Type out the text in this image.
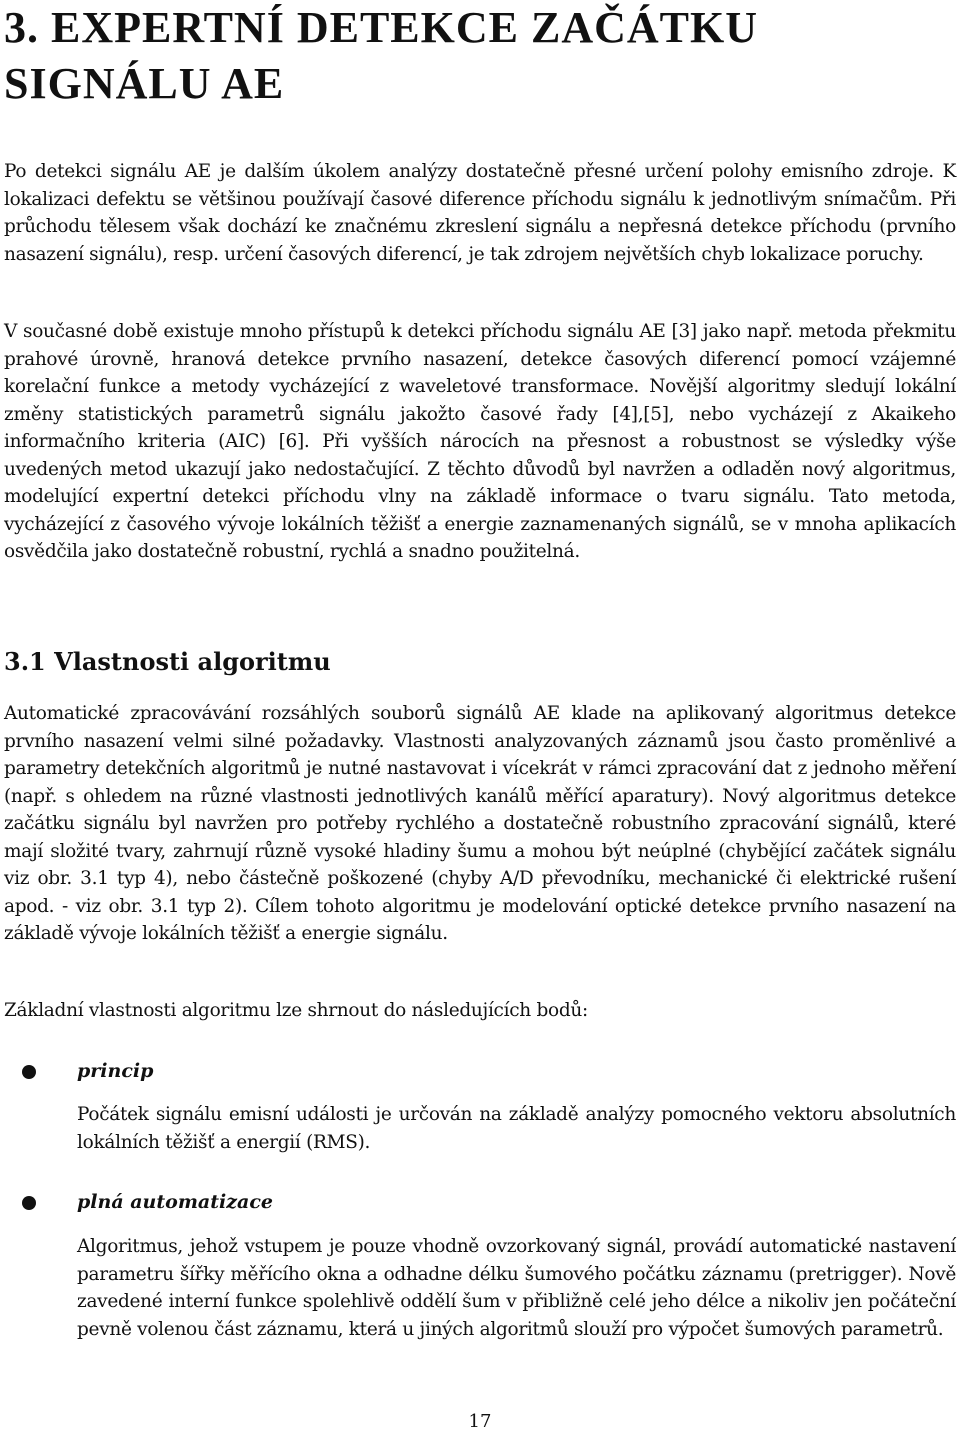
3. EXPERTNÍ DETEKCE ZAČÁTKU SIGNÁLU AE

Po detekci signálu AE je dalším úkolem analýzy dostatečně přesné určení polohy emisního zdroje. K lokalizaci defektu se většinou používají časové diference příchodu signálu k jednotlivým snímačům. Při průchodu tělesem však dochází ke značnému zkreslení signálu a nepřesná detekce příchodu (prvního nasazení signálu), resp. určení časových diferencí, je tak zdrojem největších chyb lokalizace poruchy.

V současné době existuje mnoho přístupů k detekci příchodu signálu AE [3] jako např. metoda překmitu prahové úrovně, hranová detekce prvního nasazení, detekce časových diferencí pomocí vzájemné korelační funkce a metody vycházející z waveletové transformace. Novější algoritmy sledují lokální změny statistických parametrů signálu jakožto časové řady [4],[5], nebo vycházejí z Akaikeho informačního kriteria (AIC) [6]. Při vyšších nárocích na přesnost a robustnost se výsledky výše uvedených metod ukazují jako nedostačující. Z těchto důvodů byl navržen a odladěn nový algoritmus, modelující expertní detekci příchodu vlny na základě informace o tvaru signálu. Tato metoda, vycházející z časového vývoje lokálních těžišť a energie zaznamenaných signálů, se v mnoha aplikacích osvědčila jako dostatečně robustní, rychlá a snadno použitelná.

3.1 Vlastnosti algoritmu

Automatické zpracovávání rozsáhlých souborů signálů AE klade na aplikovaný algoritmus detekce prvního nasazení velmi silné požadavky. Vlastnosti analyzovaných záznamů jsou často proměnlivé a parametry detekčních algoritmů je nutné nastavovat i vícekrát v rámci zpracování dat z jednoho měření (např. s ohledem na různé vlastnosti jednotlivých kanálů měřící aparatury). Nový algoritmus detekce začátku signálu byl navržen pro potřeby rychlého a dostatečně robustního zpracování signálů, které mají složité tvary, zahrnují různě vysoké hladiny šumu a mohou být neúplné (chybějící začátek signálu viz obr. 3.1 typ 4), nebo částečně poškozené (chyby A/D převodníku, mechanické či elektrické rušení apod. - viz obr. 3.1 typ 2). Cílem tohoto algoritmu je modelování optické detekce prvního nasazení na základě vývoje lokálních těžišť a energie signálu.

Základní vlastnosti algoritmu lze shrnout do následujících bodů:

princip

Počátek signálu emisní události je určován na základě analýzy pomocného vektoru absolutních lokálních těžišť a energií (RMS).

plná automatizace

Algoritmus, jehož vstupem je pouze vhodně ovzorkovaný signál, provádí automatické nastavení parametru šířky měřícího okna a odhadne délku šumového počátku záznamu (pretrigger). Nově zavedené interní funkce spolehlivě oddělí šum v přibližně celé jeho délce a nikoliv jen počáteční pevně volenou část záznamu, která u jiných algoritmů slouží pro výpočet šumových parametrů.

17
